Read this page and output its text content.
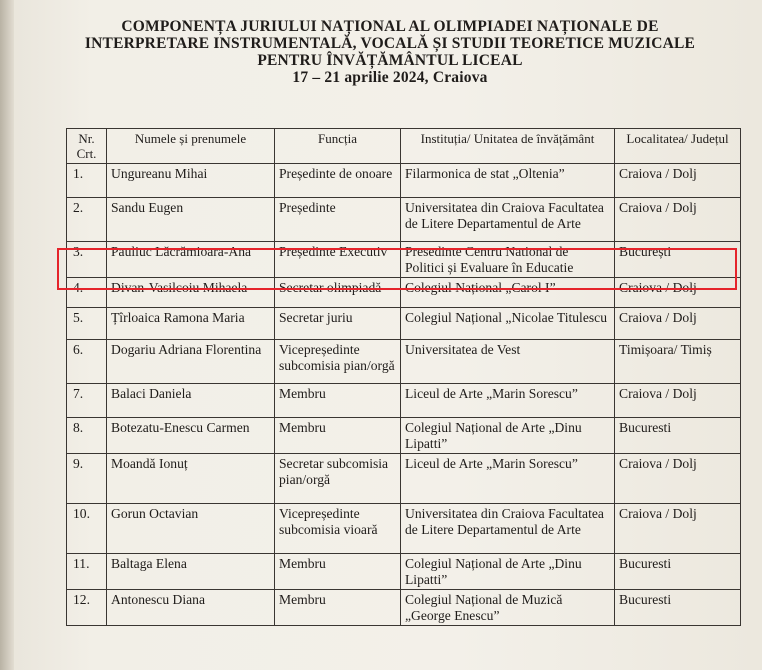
COMPONENȚA JURIULUI NAȚIONAL AL OLIMPIADEI NAȚIONALE DE
INTERPRETARE INSTRUMENTALĂ, VOCALĂ ȘI STUDII TEORETICE MUZICALE
PENTRU ÎNVĂȚĂMÂNTUL LICEAL
17 – 21 aprilie 2024, Craiova
Nr. Crt.	Numele și prenumele	Funcția	Instituția/ Unitatea de învățământ	Localitatea/ Județul
1.	Ungureanu Mihai	Președinte de onoare	Filarmonica de stat „Oltenia”	Craiova / Dolj
2.	Sandu Eugen	Președinte	Universitatea din Craiova Facultatea de Litere Departamentul de Arte	Craiova / Dolj
3.	Pauliuc Lăcrămioara-Ana	Președinte Executiv	Presedinte Centru National de Politici și Evaluare în Educatie	București
4.	Divan-Vasilcoiu Mihaela	Secretar olimpiadă	Colegiul Național „Carol I”	Craiova / Dolj
5.	Țîrloaica Ramona Maria	Secretar juriu	Colegiul Național „Nicolae Titulescu	Craiova / Dolj
6.	Dogariu Adriana Florentina	Vicepreședinte subcomisia pian/orgă	Universitatea de Vest	Timișoara/ Timiș
7.	Balaci Daniela	Membru	Liceul de Arte „Marin Sorescu”	Craiova / Dolj
8.	Botezatu-Enescu Carmen	Membru	Colegiul Național de Arte „Dinu Lipatti”	Bucuresti
9.	Moandă Ionuț	Secretar subcomisia pian/orgă	Liceul de Arte „Marin Sorescu”	Craiova / Dolj
10.	Gorun Octavian	Vicepreședinte subcomisia vioară	Universitatea din Craiova Facultatea de Litere Departamentul de Arte	Craiova / Dolj
11.	Baltaga Elena	Membru	Colegiul Național de Arte „Dinu Lipatti”	Bucuresti
12.	Antonescu Diana	Membru	Colegiul Național de Muzică „George Enescu”	Bucuresti
